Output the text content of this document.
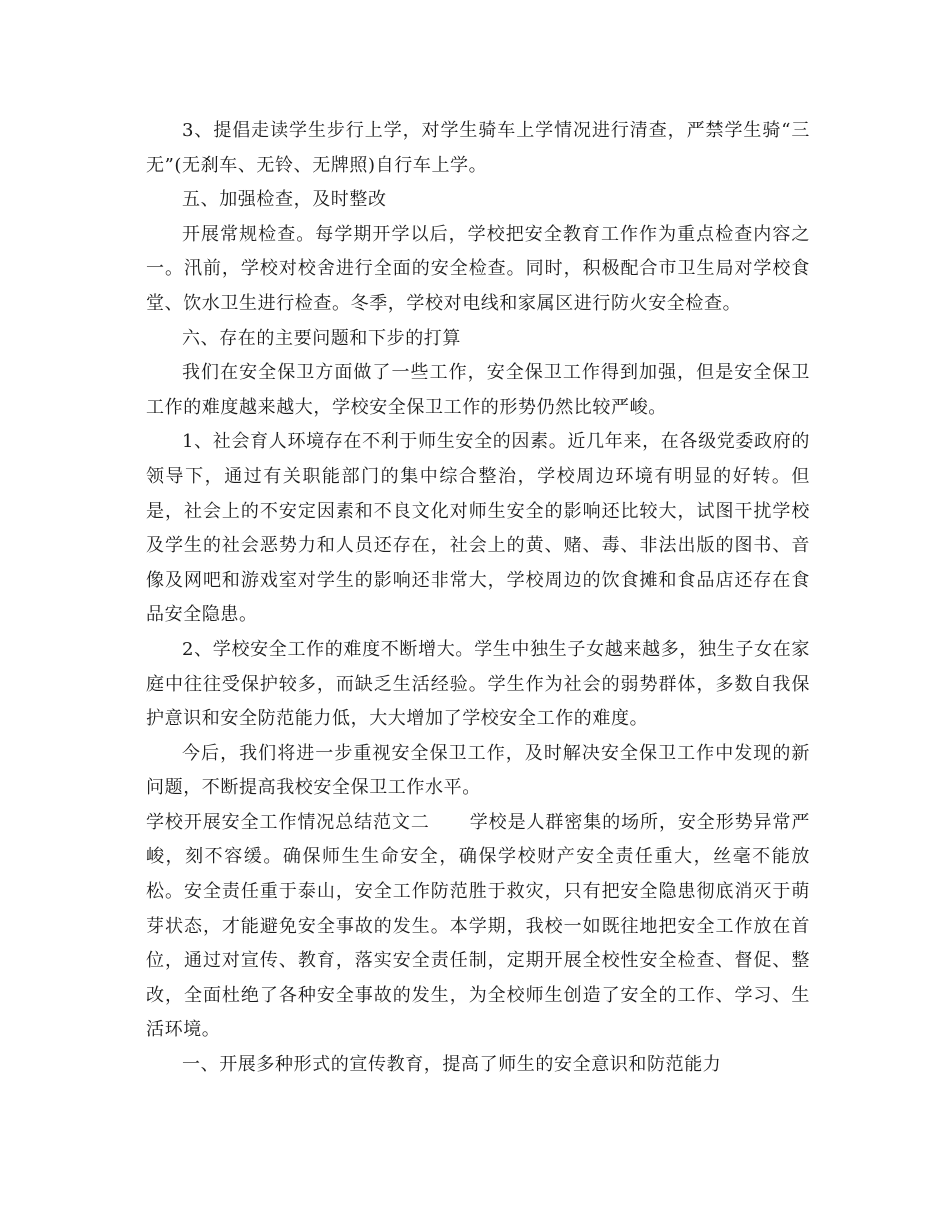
3、提倡走读学生步行上学，对学生骑车上学情况进行清查，严禁学生骑“三无”(无刹车、无铃、无牌照)自行车上学。

五、加强检查，及时整改

开展常规检查。每学期开学以后，学校把安全教育工作作为重点检查内容之一。汛前，学校对校舍进行全面的安全检查。同时，积极配合市卫生局对学校食堂、饮水卫生进行检查。冬季，学校对电线和家属区进行防火安全检查。

六、存在的主要问题和下步的打算

我们在安全保卫方面做了一些工作，安全保卫工作得到加强，但是安全保卫工作的难度越来越大，学校安全保卫工作的形势仍然比较严峻。

1、社会育人环境存在不利于师生安全的因素。近几年来，在各级党委政府的领导下，通过有关职能部门的集中综合整治，学校周边环境有明显的好转。但是，社会上的不安定因素和不良文化对师生安全的影响还比较大，试图干扰学校及学生的社会恶势力和人员还存在，社会上的黄、赌、毒、非法出版的图书、音像及网吧和游戏室对学生的影响还非常大，学校周边的饮食摊和食品店还存在食品安全隐患。

2、学校安全工作的难度不断增大。学生中独生子女越来越多，独生子女在家庭中往往受保护较多，而缺乏生活经验。学生作为社会的弱势群体，多数自我保护意识和安全防范能力低，大大增加了学校安全工作的难度。

今后，我们将进一步重视安全保卫工作，及时解决安全保卫工作中发现的新问题，不断提高我校安全保卫工作水平。

学校开展安全工作情况总结范文二 学校是人群密集的场所，安全形势异常严峻，刻不容缓。确保师生生命安全，确保学校财产安全责任重大，丝毫不能放松。安全责任重于泰山，安全工作防范胜于救灾，只有把安全隐患彻底消灭于萌芽状态，才能避免安全事故的发生。本学期，我校一如既往地把安全工作放在首位，通过对宣传、教育，落实安全责任制，定期开展全校性安全检查、督促、整改，全面杜绝了各种安全事故的发生，为全校师生创造了安全的工作、学习、生活环境。

一、开展多种形式的宣传教育，提高了师生的安全意识和防范能力
